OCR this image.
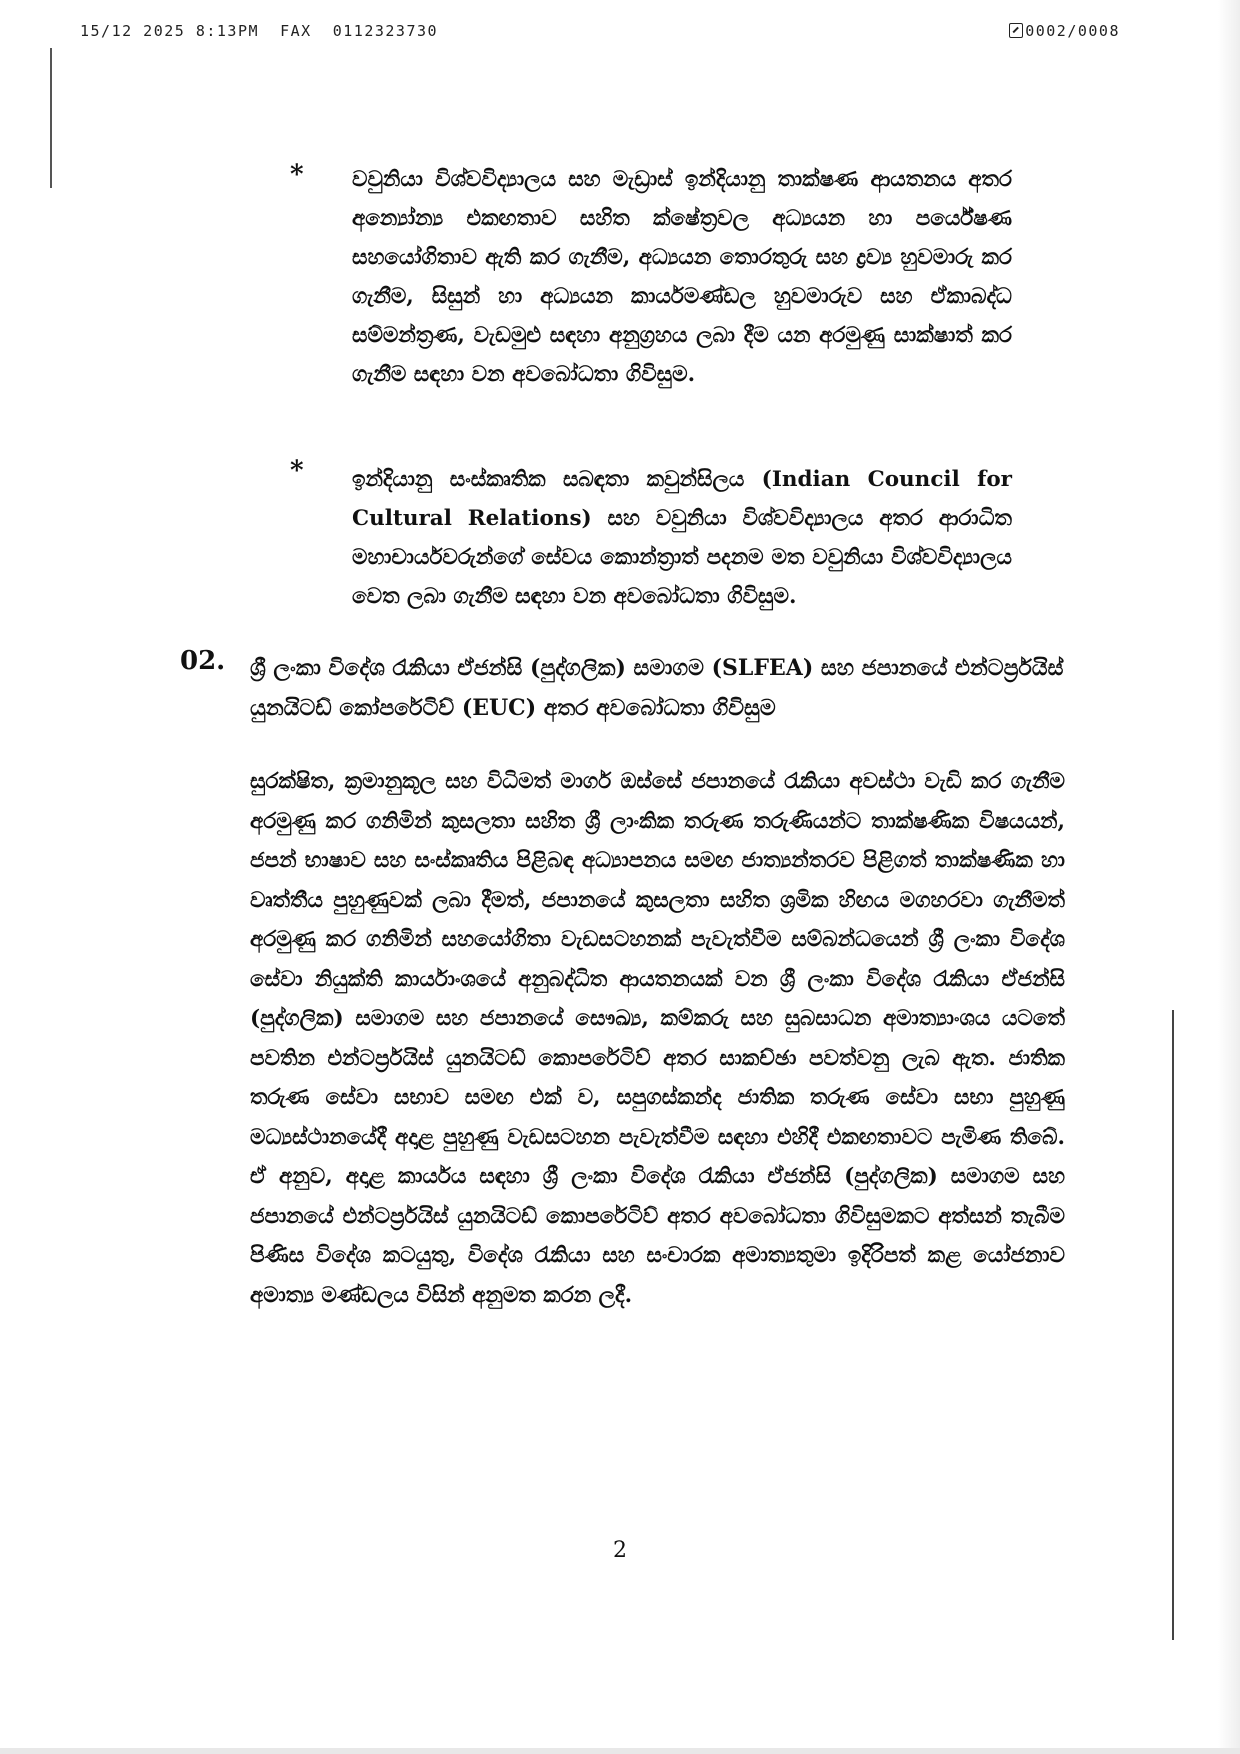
15/12 2025 8:13PM  FAX  0112323730	0002/0008
* වවුනියා විශ්වවිද්‍යාලය සහ මැඩ්‍රාස් ඉන්දියානු තාක්ෂණ ආයතනය අතර අන්‍යෝන්‍ය එකඟතාව සහිත ක්ෂේත්‍රවල අධ්‍යයන හා පර්යේෂණ සහයෝගිතාව ඇති කර ගැනීම, අධ්‍යයන තොරතුරු සහ ද්‍රව්‍ය හුවමාරු කර ගැනීම, සිසුන් හා අධ්‍යයන කාර්යමණ්ඩල හුවමාරුව සහ ඒකාබද්ධ සම්මන්ත්‍රණ, වැඩමුළු සඳහා අනුග්‍රහය ලබා දීම යන අරමුණු සාක්ෂාත් කර ගැනීම සඳහා වන අවබෝධතා ගිවිසුම.
* ඉන්දියානු සංස්කෘතික සබඳතා කවුන්සිලය (Indian Council for Cultural Relations) සහ වවුනියා විශ්වවිද්‍යාලය අතර ආරාධිත මහාචාර්යවරුන්ගේ සේවය කොන්ත්‍රාත් පදනම මත වවුනියා විශ්වවිද්‍යාලය වෙත ලබා ගැනීම සඳහා වන අවබෝධතා ගිවිසුම.
02. ශ්‍රී ලංකා විදේශ රැකියා ඒජන්සි (පුද්ගලික) සමාගම (SLFEA) සහ ජපානයේ එන්ටර්ප්‍රයිස් යුනයිටඩ් කෝපරේටිව් (EUC) අතර අවබෝධතා ගිවිසුම
සුරක්ෂිත, ක්‍රමානුකූල සහ විධිමත් මාර්ග ඔස්සේ ජපානයේ රැකියා අවස්ථා වැඩි කර ගැනීම අරමුණු කර ගනිමින් කුසලතා සහිත ශ්‍රී ලාංකික තරුණ තරුණියන්ට තාක්ෂණික විෂයයන්, ජපන් භාෂාව සහ සංස්කෘතිය පිළිබඳ අධ්‍යාපනය සමඟ ජාත්‍යන්තරව පිළිගත් තාක්ෂණික හා වෘත්තීය පුහුණුවක් ලබා දීමත්, ජපානයේ කුසලතා සහිත ශ්‍රමික හිඟය මගහරවා ගැනීමත් අරමුණු කර ගනිමින් සහයෝගිතා වැඩසටහනක් පැවැත්වීම සම්බන්ධයෙන් ශ්‍රී ලංකා විදේශ සේවා නියුක්ති කාර්යාංශයේ අනුබද්ධිත ආයතනයක් වන ශ්‍රී ලංකා විදේශ රැකියා ඒජන්සි (පුද්ගලික) සමාගම සහ ජපානයේ සෞඛ්‍ය, කම්කරු සහ සුබසාධන අමාත්‍යාංශය යටතේ පවතින එන්ටර්ප්‍රයිස් යුනයිටඩ් කොපරේටිව් අතර සාකච්ඡා පවත්වනු ලැබ ඇත. ජාතික තරුණ සේවා සභාව සමඟ එක් ව, සපුගස්කන්ද ජාතික තරුණ සේවා සභා පුහුණු මධ්‍යස්ථානයේදී අදාළ පුහුණු වැඩසටහන පැවැත්වීම සඳහා එහිදී එකඟතාවට පැමිණ තිබේ. ඒ අනුව, අදාළ කාර්යය සඳහා ශ්‍රී ලංකා විදේශ රැකියා ඒජන්සි (පුද්ගලික) සමාගම සහ ජපානයේ එන්ටර්ප්‍රයිස් යුනයිටඩ් කොපරේටිව් අතර අවබෝධතා ගිවිසුමකට අත්සන් තැබීම පිණිස විදේශ කටයුතු, විදේශ රැකියා සහ සංචාරක අමාත්‍යතුමා ඉදිරිපත් කළ යෝජනාව අමාත්‍ය මණ්ඩලය විසින් අනුමත කරන ලදී.
2
